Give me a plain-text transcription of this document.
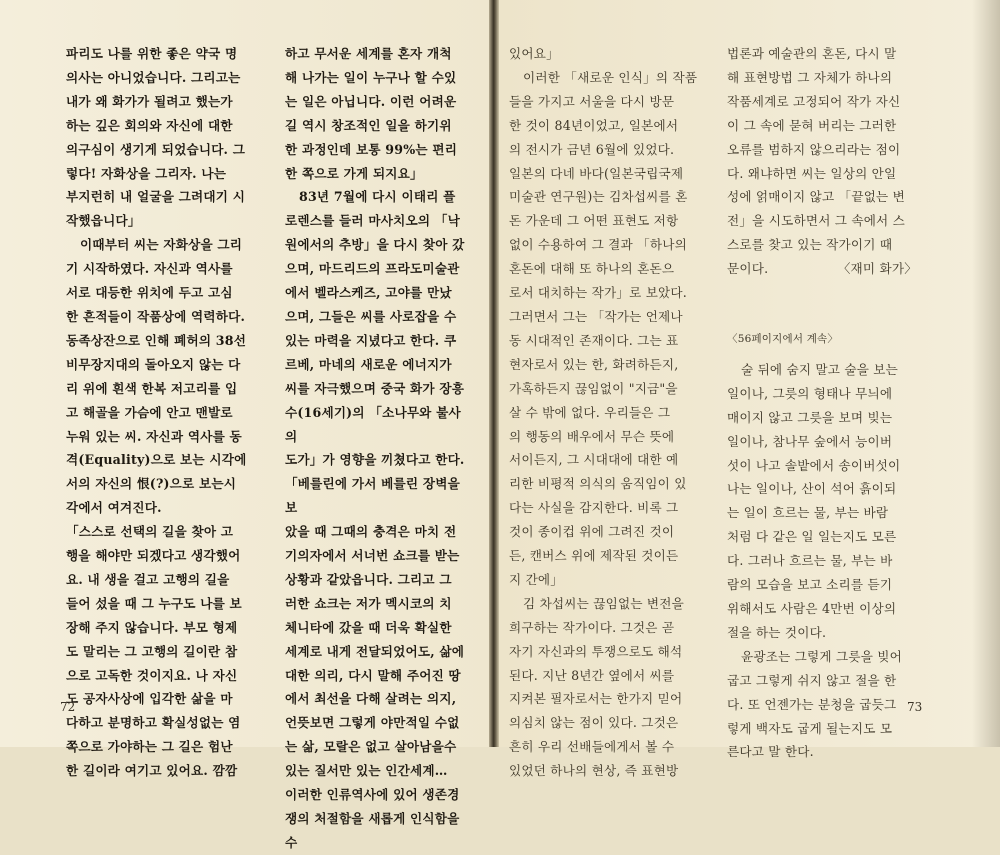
파리도 나를 위한 좋은 약국 명
의사는 아니었습니다. 그리고는
내가 왜 화가가 될려고 했는가
하는 깊은 회의와 자신에 대한
의구심이 생기게 되었습니다. 그
렇다! 자화상을 그리자. 나는
부지런히 내 얼굴을 그려대기 시
작했읍니다」

이때부터 씨는 자화상을 그리
기 시작하였다. 자신과 역사를
서로 대등한 위치에 두고 고심
한 흔적들이 작품상에 역력하다.
동족상잔으로 인해 폐허의 38선
비무장지대의 돌아오지 않는 다
리 위에 흰색 한복 저고리를 입
고 해골을 가슴에 안고 맨발로
누워 있는 씨. 자신과 역사를 동
격(Equality)으로 보는 시각에
서의 자신의 恨(?)으로 보는시
각에서 여겨진다.

「스스로 선택의 길을 찾아 고
행을 해야만 되겠다고 생각했어
요. 내 생을 걸고 고행의 길을
들어 섰을 때 그 누구도 나를 보
장해 주지 않습니다. 부모 형제
도 말리는 그 고행의 길이란 참
으로 고독한 것이지요. 나 자신
도 공자사상에 입각한 삶을 마
다하고 분명하고 확실성없는 염
쪽으로 가야하는 그 길은 험난
한 길이라 여기고 있어요. 깜깜

하고 무서운 세계를 혼자 개척
해 나가는 일이 누구나 할 수있
는 일은 아닙니다. 이런 어려운
길 역시 창조적인 일을 하기위
한 과정인데 보통 99%는 편리
한 쪽으로 가게 되지요」

83년 7월에 다시 이태리 플
로렌스를 들러 마사치오의 「낙
원에서의 추방」을 다시 찾아 갔
으며, 마드리드의 프라도미술관
에서 벨라스케즈, 고야를 만났
으며, 그들은 씨를 사로잡을 수
있는 마력을 지녔다고 한다. 쿠
르베, 마네의 새로운 에너지가
씨를 자극했으며 중국 화가 장흥
수(16세기)의 「소나무와 불사의
도가」가 영향을 끼쳤다고 한다.

「베를린에 가서 베를린 장벽을 보
았을 때 그때의 충격은 마치 전
기의자에서 서너번 쇼크를 받는
상황과 같았읍니다. 그리고 그
러한 쇼크는 저가 멕시코의 치
체니타에 갔을 때 더욱 확실한
세계로 내게 전달되었어도, 삶에
대한 의리, 다시 말해 주어진 땅
에서 최선을 다해 살려는 의지,
언뜻보면 그렇게 야만적일 수없
는 삶, 모랄은 없고 살아남을수
있는 질서만 있는 인간세계…
이러한 인류역사에 있어 생존경
쟁의 처절함을 새롭게 인식함을 수

있어요」

이러한 「새로운 인식」의 작품
들을 가지고 서울을 다시 방문
한 것이 84년이었고, 일본에서
의 전시가 금년 6월에 있었다.
일본의 다네 바다(일본국립국제
미술관 연구원)는 김차섭씨를 혼
돈 가운데 그 어떤 표현도 저항
없이 수용하여 그 결과 「하나의
혼돈에 대해 또 하나의 혼돈으
로서 대치하는 작가」로 보았다.
그러면서 그는 「작가는 언제나
동 시대적인 존재이다. 그는 표
현자로서 있는 한, 화려하든지,
가혹하든지 끊임없이 "지금"을
살 수 밖에 없다. 우리들은 그
의 행동의 배우에서 무슨 뜻에
서이든지, 그 시대대에 대한 예
리한 비평적 의식의 움직임이 있
다는 사실을 감지한다. 비록 그
것이 종이컵 위에 그려진 것이
든, 캔버스 위에 제작된 것이든
지 간에」

김 차섭씨는 끊임없는 변전을
희구하는 작가이다. 그것은 곧
자기 자신과의 투쟁으로도 해석
된다. 지난 8년간 옆에서 씨를
지켜본 필자로서는 한가지 믿어
의심치 않는 점이 있다. 그것은
흔히 우리 선배들에게서 볼 수
있었던 하나의 현상, 즉 표현방

법론과 예술관의 혼돈, 다시 말
해 표현방법 그 자체가 하나의
작품세계로 고정되어 작가 자신
이 그 속에 묻혀 버리는 그러한
오류를 범하지 않으리라는 점이
다. 왜냐하면 씨는 일상의 안일
성에 얽매이지 않고 「끝없는 변
전」을 시도하면서 그 속에서 스
스로를 찾고 있는 작가이기 때
문이다.	〈재미 화가〉

〈56페이지에서 계속〉

술 뒤에 숨지 말고 술을 보는
일이나, 그릇의 형태나 무늬에
매이지 않고 그릇을 보며 빚는
일이나, 참나무 숲에서 능이버
섯이 나고 솔밭에서 송이버섯이
나는 일이나, 산이 석어 흙이되
는 일이 흐르는 물, 부는 바람
처럼 다 같은 일 일는지도 모른
다. 그러나 흐르는 물, 부는 바
람의 모습을 보고 소리를 듣기
위해서도 사람은 4만번 이상의
절을 하는 것이다.

윤광조는 그렇게 그릇을 빚어
굽고 그렇게 쉬지 않고 절을 한
다. 또 언젠가는 분청을 굽듯그
렇게 백자도 굽게 될는지도 모
른다고 말 한다.

72	73
